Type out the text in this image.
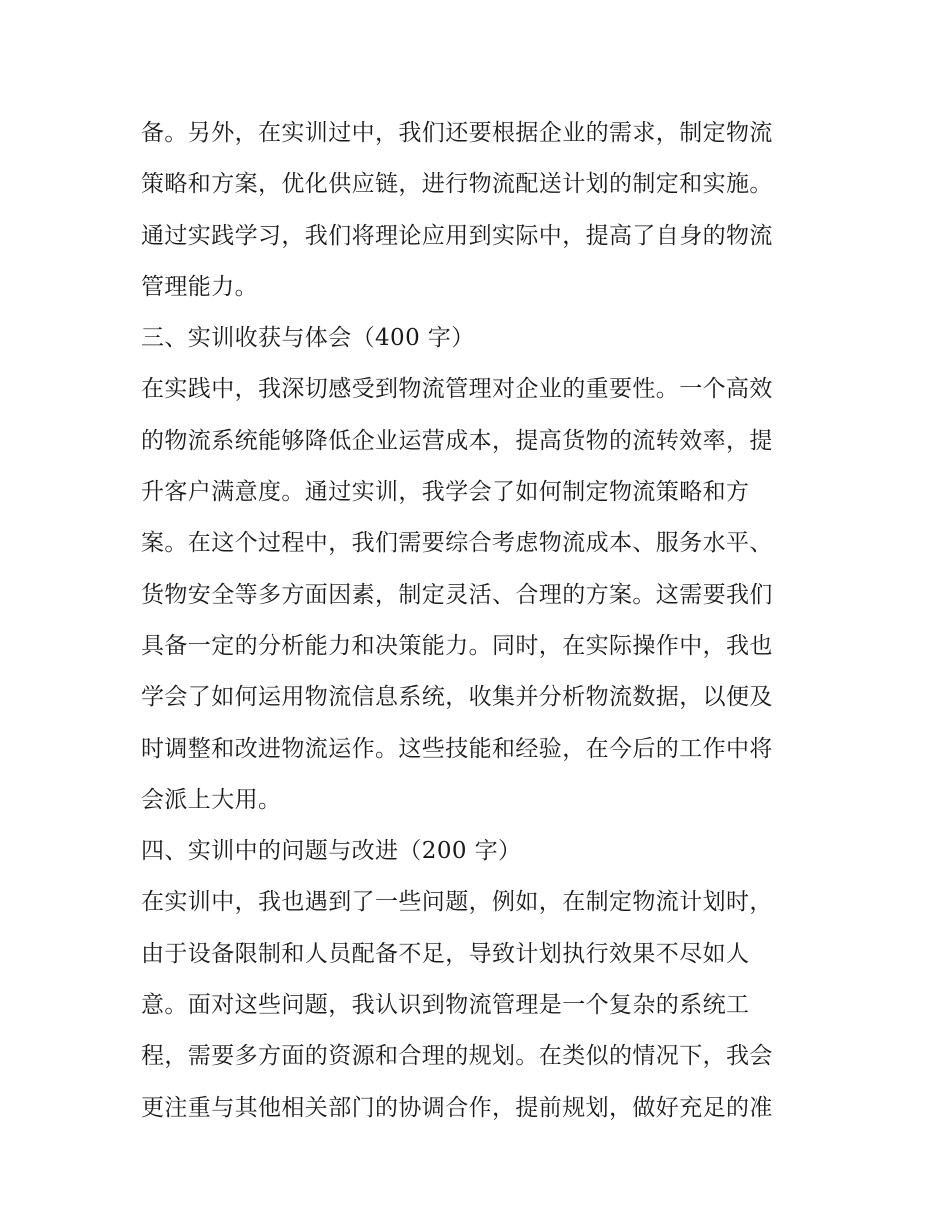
备。另外，在实训过中，我们还要根据企业的需求，制定物流
策略和方案，优化供应链，进行物流配送计划的制定和实施。
通过实践学习，我们将理论应用到实际中，提高了自身的物流
管理能力。
三、实训收获与体会（400 字）
在实践中，我深切感受到物流管理对企业的重要性。一个高效
的物流系统能够降低企业运营成本，提高货物的流转效率，提
升客户满意度。通过实训，我学会了如何制定物流策略和方
案。在这个过程中，我们需要综合考虑物流成本、服务水平、
货物安全等多方面因素，制定灵活、合理的方案。这需要我们
具备一定的分析能力和决策能力。同时，在实际操作中，我也
学会了如何运用物流信息系统，收集并分析物流数据，以便及
时调整和改进物流运作。这些技能和经验，在今后的工作中将
会派上大用。
四、实训中的问题与改进（200 字）
在实训中，我也遇到了一些问题，例如，在制定物流计划时，
由于设备限制和人员配备不足，导致计划执行效果不尽如人
意。面对这些问题，我认识到物流管理是一个复杂的系统工
程，需要多方面的资源和合理的规划。在类似的情况下，我会
更注重与其他相关部门的协调合作，提前规划，做好充足的准
